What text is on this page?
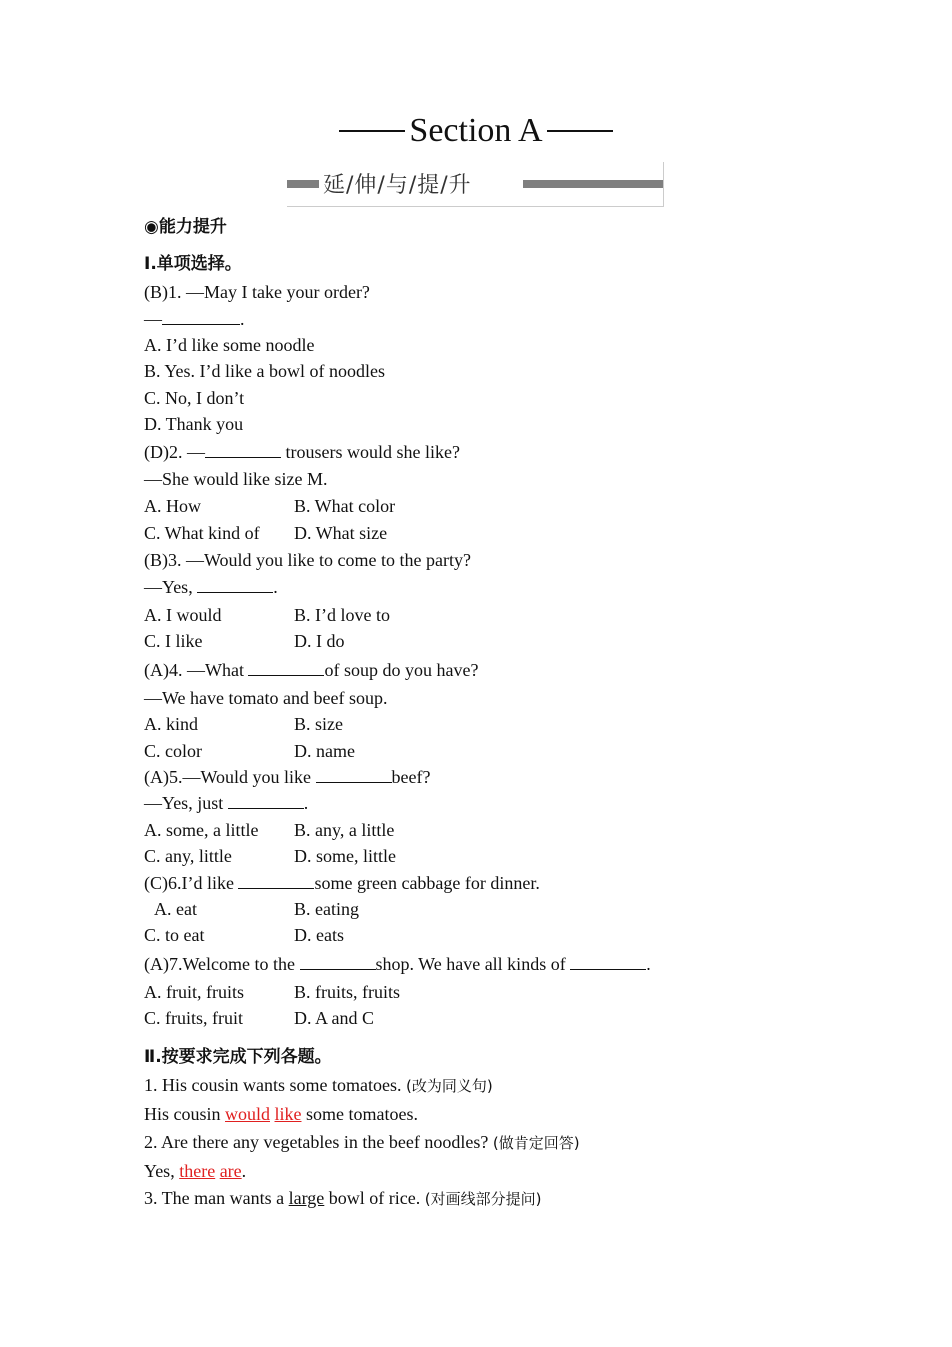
Section A
延/伸/与/提/升
◉能力提升
Ⅰ.单项选择。
(B)1. —May I take your order?
—	.
A. I’d like some noodle
B. Yes. I’d like a bowl of noodles
C. No, I don’t
D. Thank you
(D)2. —	trousers would she like?
—She would like size M.
A. How	B. What color
C. What kind of D. What size
(B)3. —Would you like to come to the party?
—Yes,	.
A. I would	B. I’d love to
C. I like	D. I do
(A)4. —What	of soup do you have?
—We have tomato and beef soup.
A. kind	B. size
C. color	D. name
(A)5.—Would you like	beef?
—Yes, just	.
A. some, a little B. any, a little
C. any, little	D. some, little
(C)6.I’d like	some green cabbage for dinner.
A. eat	B. eating
C. to eat	D. eats
(A)7.Welcome to the	shop. We have all kinds of	.
A. fruit, fruits	B. fruits, fruits
C. fruits, fruit	D. A and C
Ⅱ.按要求完成下列各题。
1. His cousin wants some tomatoes. (改为同义句)
His cousin would like some tomatoes.
2. Are there any vegetables in the beef noodles? (做肯定回答)
Yes, there are.
3. The man wants a large bowl of rice. (对画线部分提问)
